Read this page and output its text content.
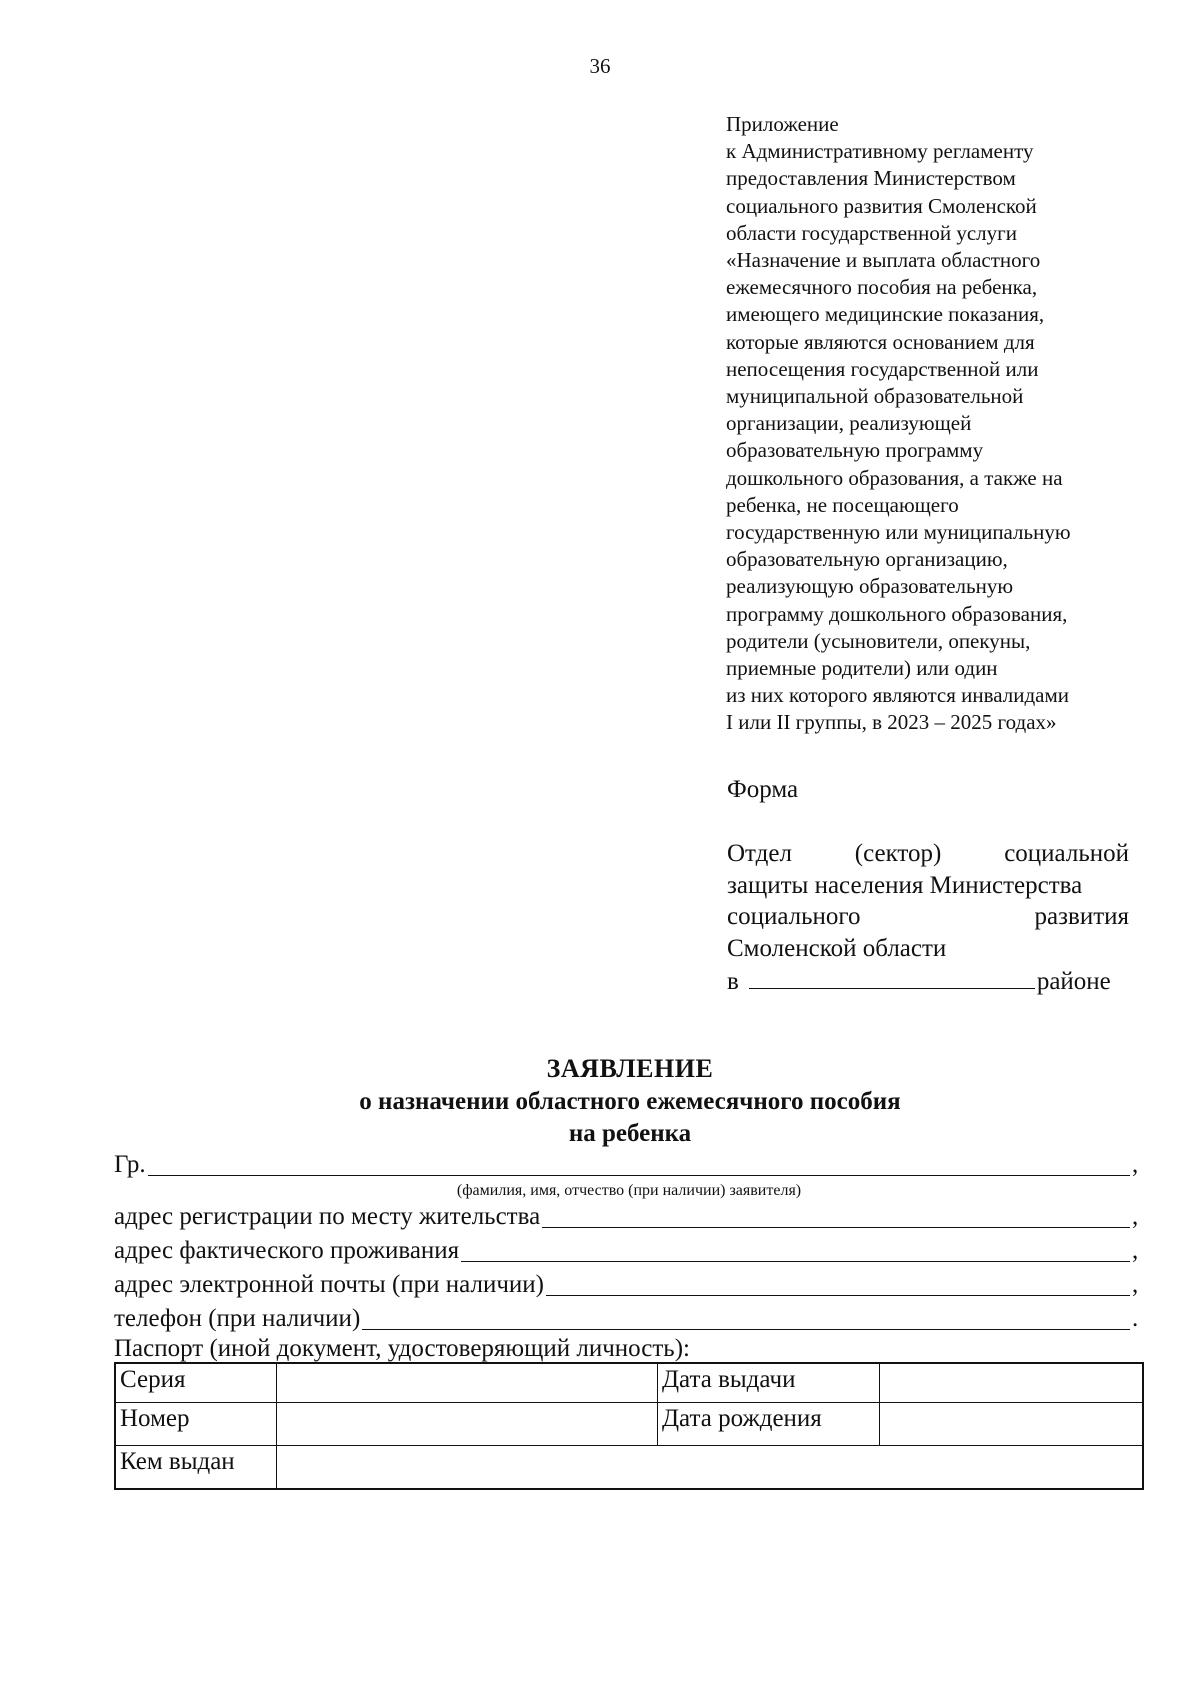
36
Приложение
к Административному регламенту
предоставления Министерством
социального развития Смоленской
области государственной услуги
«Назначение и выплата областного
ежемесячного пособия на ребенка,
имеющего медицинские показания,
которые являются основанием для
непосещения государственной или
муниципальной образовательной
организации, реализующей
образовательную программу
дошкольного образования, а также на
ребенка, не посещающего
государственную или муниципальную
образовательную организацию,
реализующую образовательную
программу дошкольного образования,
родители (усыновители, опекуны,
приемные родители) или один
из них которого являются инвалидами
I или II группы, в 2023 – 2025 годах»
Форма
Отдел (сектор) социальной
защиты населения Министерства
социального развития
Смоленской области
в	районе
ЗАЯВЛЕНИЕ
о назначении областного ежемесячного пособия
на ребенка
Гр.	,
(фамилия, имя, отчество (при наличии) заявителя)
адрес регистрации по месту жительства	,
адрес фактического проживания	,
адрес электронной почты (при наличии)	,
телефон (при наличии)	.
Паспорт (иной документ, удостоверяющий личность):
Серия		Дата выдачи	
Номер		Дата рождения	
Кем выдан			
